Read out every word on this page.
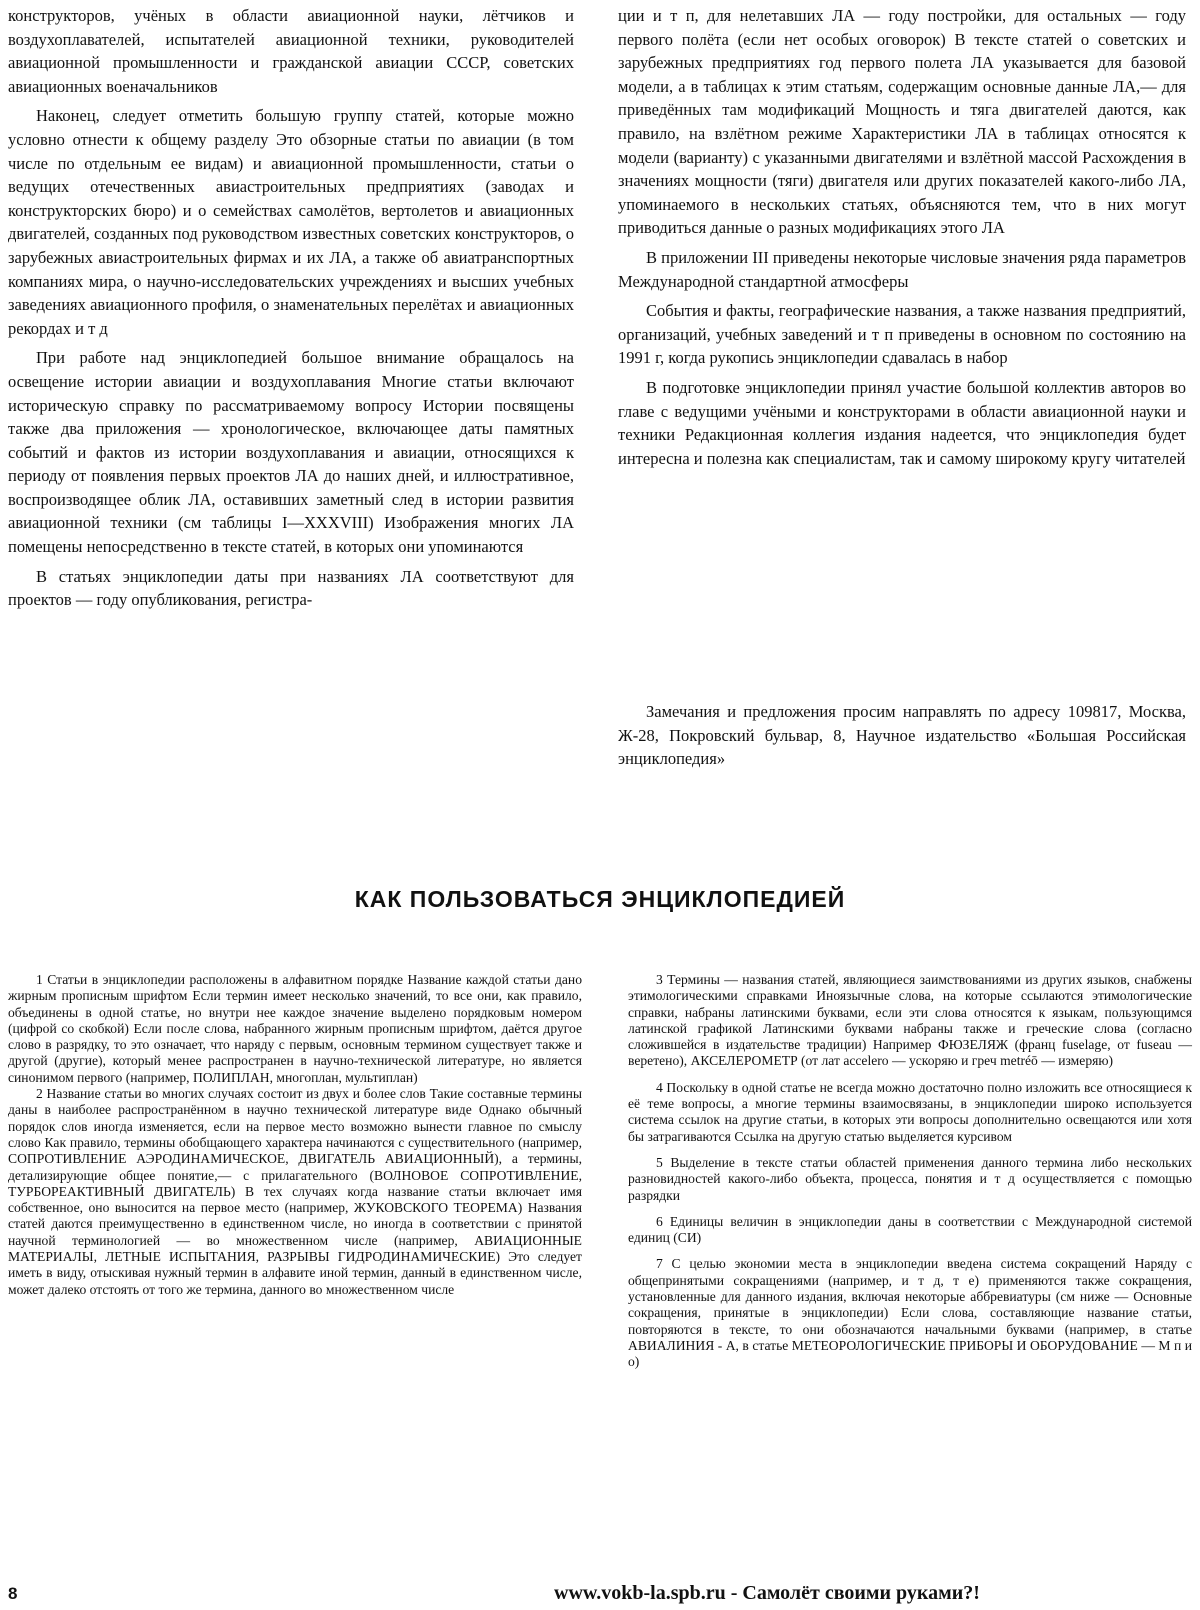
конструкторов, учёных в области авиационной науки, лётчиков и воздухоплавателей, испытателей авиационной техники, руководителей авиационной промышленности и гражданской авиации СССР, советских авиационных военачальников

Наконец, следует отметить большую группу статей, которые можно условно отнести к общему разделу Это обзорные статьи по авиации (в том числе по отдельным ее видам) и авиационной промышленности, статьи о ведущих отечественных авиастроительных предприятиях (заводах и конструкторских бюро) и о семействах самолётов, вертолетов и авиационных двигателей, созданных под руководством известных советских конструкторов, о зарубежных авиастроительных фирмах и их ЛА, а также об авиатранспортных компаниях мира, о научно-исследовательских учреждениях и высших учебных заведениях авиационного профиля, о знаменательных перелётах и авиационных рекордах и т д

При работе над энциклопедией большое внимание обращалось на освещение истории авиации и воздухоплавания Многие статьи включают историческую справку по рассматриваемому вопросу Истории посвящены также два приложения — хронологическое, включающее даты памятных событий и фактов из истории воздухоплавания и авиации, относящихся к периоду от появления первых проектов ЛА до наших дней, и иллюстративное, воспроизводящее облик ЛА, оставивших заметный след в истории развития авиационной техники (см таблицы I—XXXVIII) Изображения многих ЛА помещены непосредственно в тексте статей, в которых они упоминаются

В статьях энциклопедии даты при названиях ЛА соответствуют для проектов — году опубликования, регистра-

ции и т п, для нелетавших ЛА — году постройки, для остальных — году первого полёта (если нет особых оговорок) В тексте статей о советских и зарубежных предприятиях год первого полета ЛА указывается для базовой модели, а в таблицах к этим статьям, содержащим основные данные ЛА,— для приведённых там модификаций Мощность и тяга двигателей даются, как правило, на взлётном режиме Характеристики ЛА в таблицах относятся к модели (варианту) с указанными двигателями и взлётной массой Расхождения в значениях мощности (тяги) двигателя или других показателей какого-либо ЛА, упоминаемого в нескольких статьях, объясняются тем, что в них могут приводиться данные о разных модификациях этого ЛА

В приложении III приведены некоторые числовые значения ряда параметров Международной стандартной атмосферы

События и факты, географические названия, а также названия предприятий, организаций, учебных заведений и т п приведены в основном по состоянию на 1991 г, когда рукопись энциклопедии сдавалась в набор

В подготовке энциклопедии принял участие большой коллектив авторов во главе с ведущими учёными и конструкторами в области авиационной науки и техники Редакционная коллегия издания надеется, что энциклопедия будет интересна и полезна как специалистам, так и самому широкому кругу читателей

Замечания и предложения просим направлять по адресу 109817, Москва, Ж-28, Покровский бульвар, 8, Научное издательство «Большая Российская энциклопедия»

КАК ПОЛЬЗОВАТЬСЯ ЭНЦИКЛОПЕДИЕЙ

1 Статьи в энциклопедии расположены в алфавитном порядке Название каждой статьи дано жирным прописным шрифтом Если термин имеет несколько значений, то все они, как правило, объединены в одной статье, но внутри нее каждое значение выделено порядковым номером (цифрой со скобкой) Если после слова, набранного жирным прописным шрифтом, даётся другое слово в разрядку, то это означает, что наряду с первым, основным термином существует также и другой (другие), который менее распространен в научно-технической литературе, но является синонимом первого (например, ПОЛИПЛАН, многоплан, мультиплан)

2 Название статьи во многих случаях состоит из двух и более слов Такие составные термины даны в наиболее распространённом в научно технической литературе виде Однако обычный порядок слов иногда изменяется, если на первое место возможно вынести главное по смыслу слово Как правило, термины обобщающего характера начинаются с существительного (например, СОПРОТИВЛЕНИЕ АЭРОДИНАМИЧЕСКОЕ, ДВИГАТЕЛЬ АВИАЦИОННЫЙ), а термины, детализирующие общее понятие,— с прилагательного (ВОЛНОВОЕ СОПРОТИВЛЕНИЕ, ТУРБОРЕАКТИВНЫЙ ДВИГАТЕЛЬ) В тех случаях когда название статьи включает имя собственное, оно выносится на первое место (например, ЖУКОВСКОГО ТЕОРЕМА) Названия статей даются преимущественно в единственном числе, но иногда в соответствии с принятой научной терминологией — во множественном числе (например, АВИАЦИОННЫЕ МАТЕРИАЛЫ, ЛЕТНЫЕ ИСПЫТАНИЯ, РАЗРЫВЫ ГИДРОДИНАМИЧЕСКИЕ) Это следует иметь в виду, отыскивая нужный термин в алфавите иной термин, данный в единственном числе, может далеко отстоять от того же термина, данного во множественном числе

3 Термины — названия статей, являющиеся заимствованиями из других языков, снабжены этимологическими справками Иноязычные слова, на которые ссылаются этимологические справки, набраны латинскими буквами, если эти слова относятся к языкам, пользующимся латинской графикой Латинскими буквами набраны также и греческие слова (согласно сложившейся в издательстве традиции) Например ФЮЗЕЛЯЖ (франц fuselage, от fuseau — веретено), АКСЕЛЕРОМЕТР (от лат accelero — ускоряю и греч metréō — измеряю)

4 Поскольку в одной статье не всегда можно достаточно полно изложить все относящиеся к её теме вопросы, а многие термины взаимосвязаны, в энциклопедии широко используется система ссылок на другие статьи, в которых эти вопросы дополнительно освещаются или хотя бы затрагиваются Ссылка на другую статью выделяется курсивом

5 Выделение в тексте статьи областей применения данного термина либо нескольких разновидностей какого-либо объекта, процесса, понятия и т д осуществляется с помощью разрядки

6 Единицы величин в энциклопедии даны в соответствии с Международной системой единиц (СИ)

7 С целью экономии места в энциклопедии введена система сокращений Наряду с общепринятыми сокращениями (например, и т д, т е) применяются также сокращения, установленные для данного издания, включая некоторые аббревиатуры (см ниже — Основные сокращения, принятые в энциклопедии) Если слова, составляющие название статьи, повторяются в тексте, то они обозначаются начальными буквами (например, в статье АВИАЛИНИЯ - А, в статье МЕТЕОРОЛОГИЧЕСКИЕ ПРИБОРЫ И ОБОРУДОВАНИЕ — М п и о)

8	www.vokb-la.spb.ru - Самолёт своими руками?!
